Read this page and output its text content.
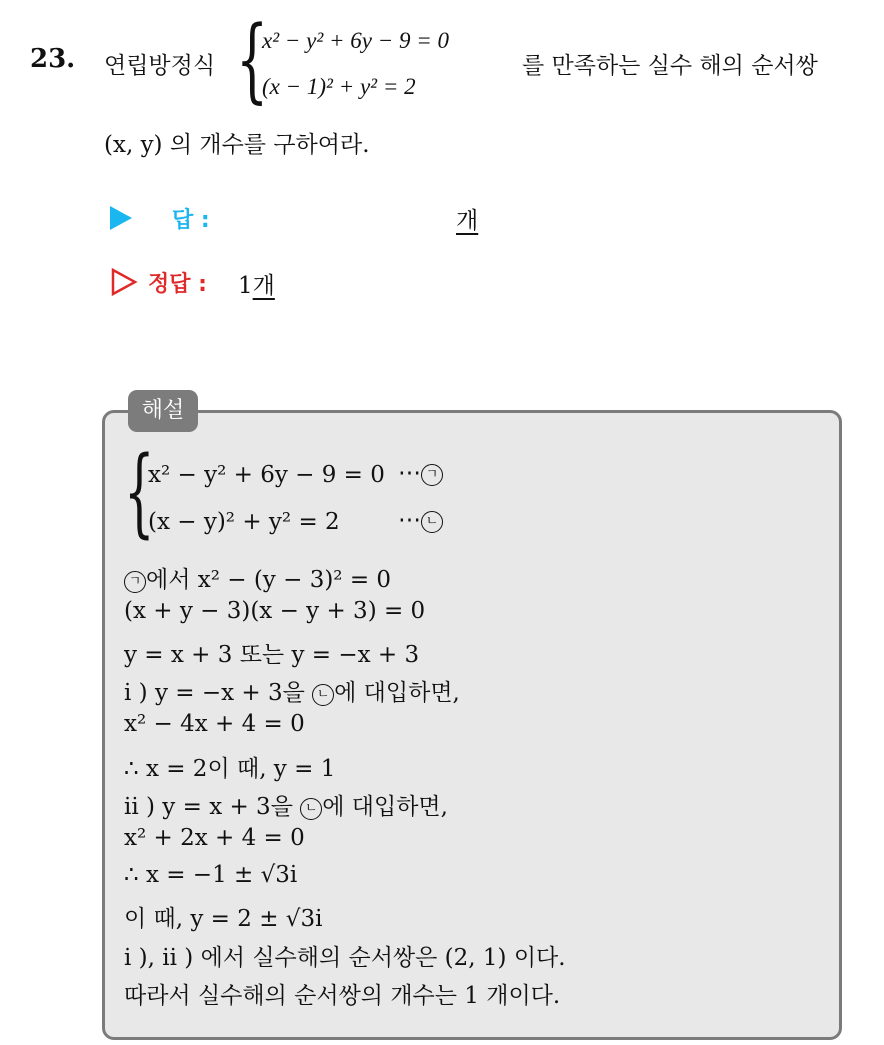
23. 연립방정식 {
x² − y² + 6y − 9 = 0
(x − 1)² + y² = 2
를 만족하는 실수 해의 순서쌍
(x, y) 의 개수를 구하여라.
답 :	개
정답 : 1개
해설
{
x² − y² + 6y − 9 = 0 ⋯ ㄱ
(x − y)² + y² = 2	⋯ ㄴ
ㄱ 에서 x² − (y − 3)² = 0
(x + y − 3)(x − y + 3) = 0
y = x + 3 또는 y = −x + 3
i ) y = −x + 3을 ㄴ 에 대입하면,
x² − 4x + 4 = 0
∴ x = 2이 때, y = 1
ii ) y = x + 3을 ㄴ 에 대입하면,
x² + 2x + 4 = 0
∴ x = −1 ± √3i
이 때, y = 2 ± √3i
i ), ii ) 에서 실수해의 순서쌍은 (2, 1) 이다.
따라서 실수해의 순서쌍의 개수는 1 개이다.
